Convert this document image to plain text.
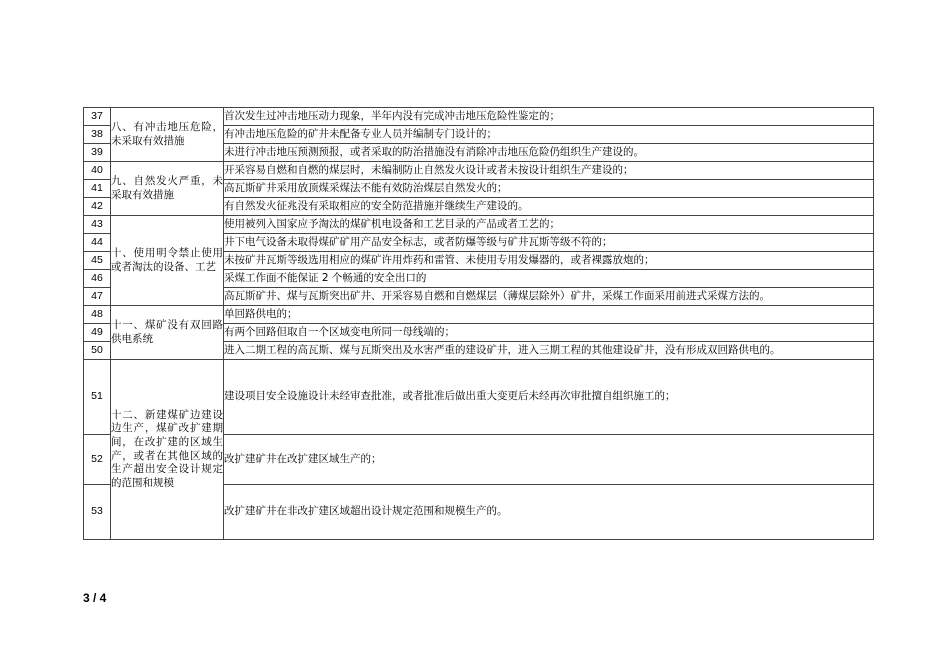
37	八、有冲击地压危险，未采取有效措施	首次发生过冲击地压动力现象，半年内没有完成冲击地压危险性鉴定的；
38		有冲击地压危险的矿井未配备专业人员并编制专门设计的；
39		未进行冲击地压预测预报，或者采取的防治措施没有消除冲击地压危险仍组织生产建设的。
40	九、自然发火严重，未采取有效措施	开采容易自燃和自燃的煤层时，未编制防止自然发火设计或者未按设计组织生产建设的；
41		高瓦斯矿井采用放顶煤采煤法不能有效防治煤层自然发火的；
42		有自然发火征兆没有采取相应的安全防范措施并继续生产建设的。
43	十、使用明令禁止使用或者淘汰的设备、工艺	使用被列入国家应予淘汰的煤矿机电设备和工艺目录的产品或者工艺的；
44		井下电气设备未取得煤矿矿用产品安全标志，或者防爆等级与矿井瓦斯等级不符的；
45		未按矿井瓦斯等级选用相应的煤矿许用炸药和雷管、未使用专用发爆器的，或者裸露放炮的；
46		采煤工作面不能保证 2 个畅通的安全出口的
47		高瓦斯矿井、煤与瓦斯突出矿井、开采容易自燃和自燃煤层（薄煤层除外）矿井，采煤工作面采用前进式采煤方法的。
48	十一、煤矿没有双回路供电系统	单回路供电的；
49		有两个回路但取自一个区域变电所同一母线端的；
50		进入二期工程的高瓦斯、煤与瓦斯突出及水害严重的建设矿井，进入三期工程的其他建设矿井，没有形成双回路供电的。
51	十二、新建煤矿边建设边生产，煤矿改扩建期间，在改扩建的区域生产，或者在其他区域的生产超出安全设计规定的范围和规模	建设项目安全设施设计未经审查批准，或者批准后做出重大变更后未经再次审批擅自组织施工的；
52		改扩建矿井在改扩建区域生产的；
53		改扩建矿井在非改扩建区域超出设计规定范围和规模生产的。
3 / 4
